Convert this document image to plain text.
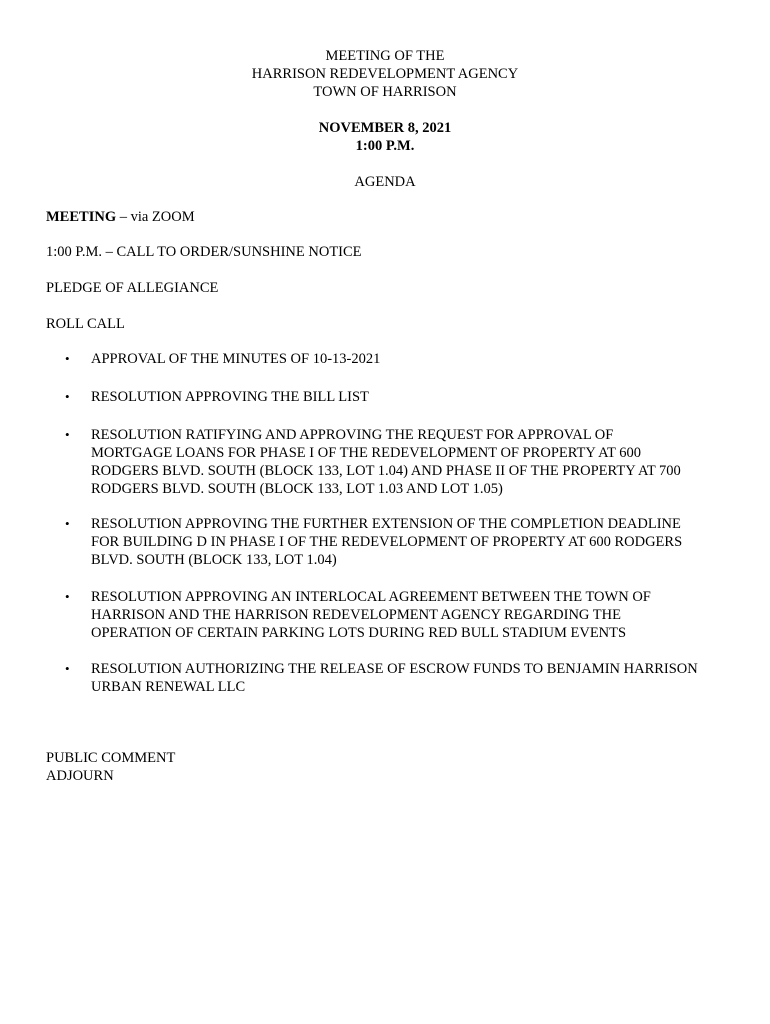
MEETING OF THE
HARRISON REDEVELOPMENT AGENCY
TOWN OF HARRISON
NOVEMBER 8, 2021
1:00 P.M.
AGENDA
MEETING – via ZOOM
1:00 P.M. – CALL TO ORDER/SUNSHINE NOTICE
PLEDGE OF ALLEGIANCE
ROLL CALL
• APPROVAL OF THE MINUTES OF 10-13-2021
• RESOLUTION APPROVING THE BILL LIST
• RESOLUTION RATIFYING AND APPROVING THE REQUEST FOR APPROVAL OF
MORTGAGE LOANS FOR PHASE I OF THE REDEVELOPMENT OF PROPERTY AT 600
RODGERS BLVD. SOUTH (BLOCK 133, LOT 1.04) AND PHASE II OF THE PROPERTY AT 700
RODGERS BLVD. SOUTH (BLOCK 133, LOT 1.03 AND LOT 1.05)
• RESOLUTION APPROVING THE FURTHER EXTENSION OF THE COMPLETION DEADLINE
FOR BUILDING D IN PHASE I OF THE REDEVELOPMENT OF PROPERTY AT 600 RODGERS
BLVD. SOUTH (BLOCK 133, LOT 1.04)
• RESOLUTION APPROVING AN INTERLOCAL AGREEMENT BETWEEN THE TOWN OF
HARRISON AND THE HARRISON REDEVELOPMENT AGENCY REGARDING THE
OPERATION OF CERTAIN PARKING LOTS DURING RED BULL STADIUM EVENTS
• RESOLUTION AUTHORIZING THE RELEASE OF ESCROW FUNDS TO BENJAMIN HARRISON
URBAN RENEWAL LLC
PUBLIC COMMENT
ADJOURN
